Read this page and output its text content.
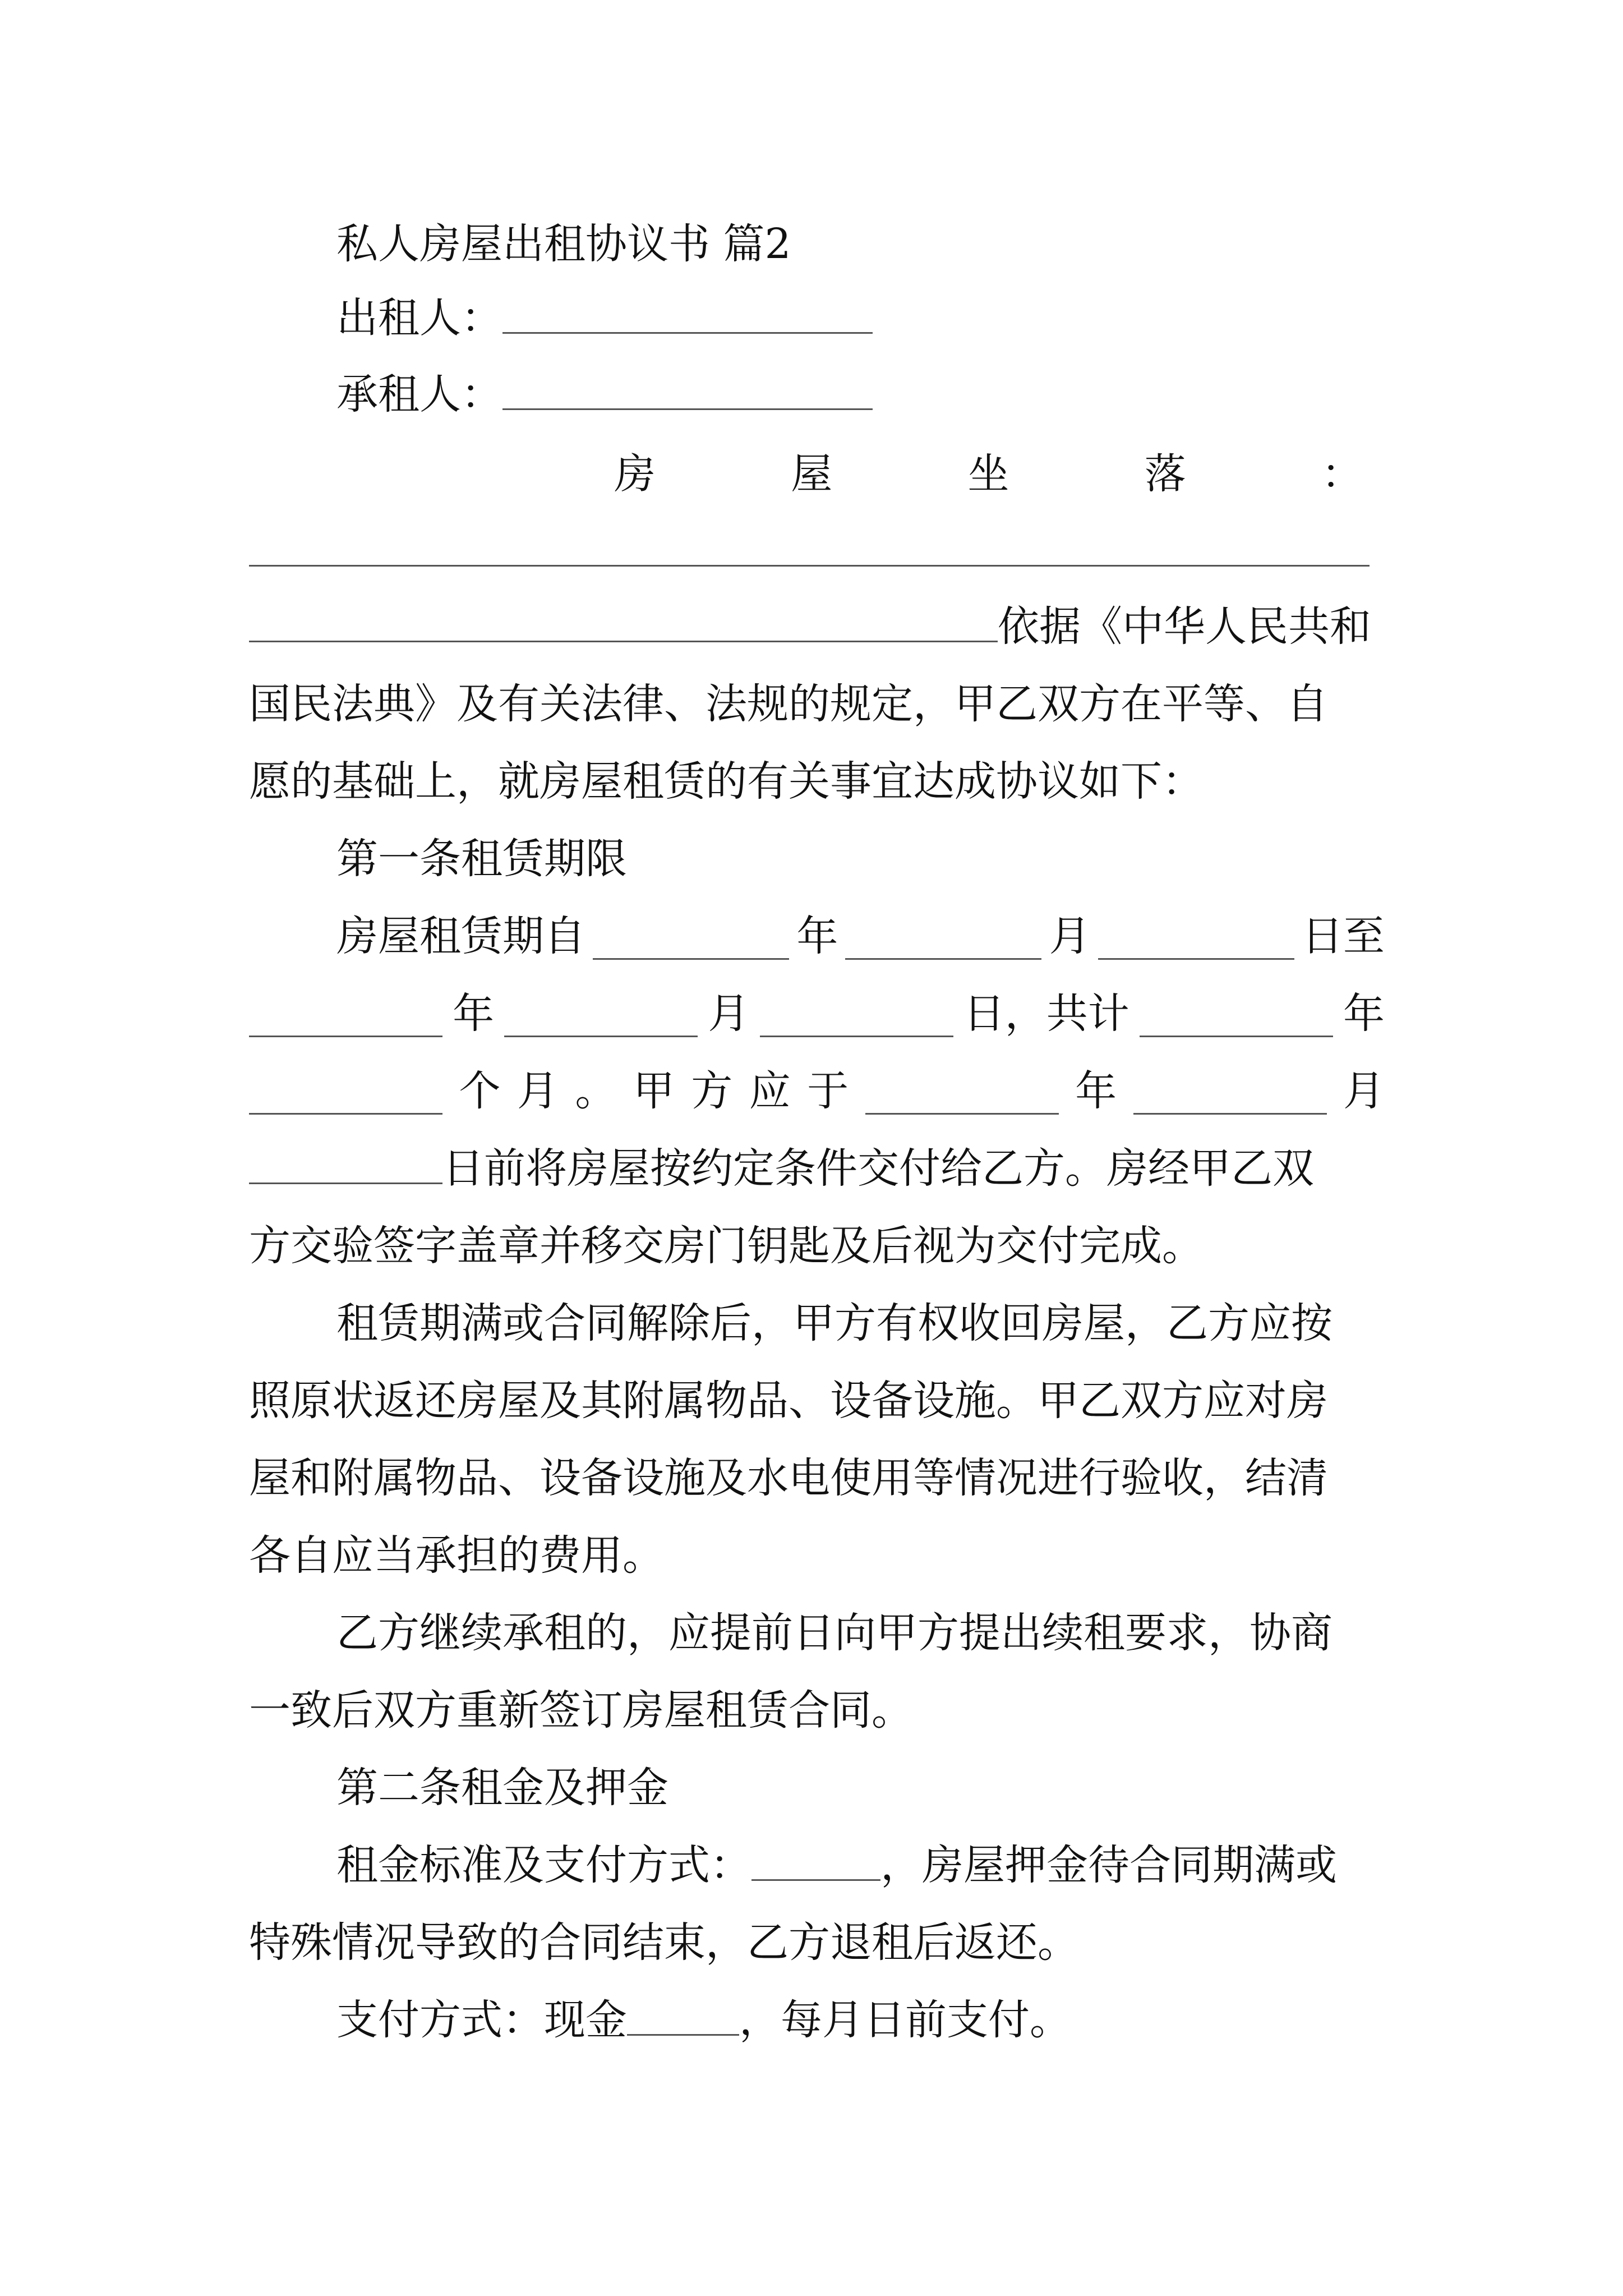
私人房屋出租协议书 篇2
出租人：
承租人：
房	屋	坐	落	：
依据《中华人民共和
国民法典》及有关法律、法规的规定，甲乙双方在平等、自
愿的基础上，就房屋租赁的有关事宜达成协议如下：
第一条租赁期限
房屋租赁期自	年	月	日至
年	月	日，共计	年
个 月 。 甲 方 应 于	年	月
日前将房屋按约定条件交付给乙方。房经甲乙双
方交验签字盖章并移交房门钥匙及后视为交付完成。
租赁期满或合同解除后，甲方有权收回房屋，乙方应按
照原状返还房屋及其附属物品、设备设施。甲乙双方应对房
屋和附属物品、设备设施及水电使用等情况进行验收，结清
各自应当承担的费用。
乙方继续承租的，应提前日向甲方提出续租要求，协商
一致后双方重新签订房屋租赁合同。
第二条租金及押金
租金标准及支付方式：	，房屋押金待合同期满或
特殊情况导致的合同结束，乙方退租后返还。
支付方式：现金	，每月日前支付。
